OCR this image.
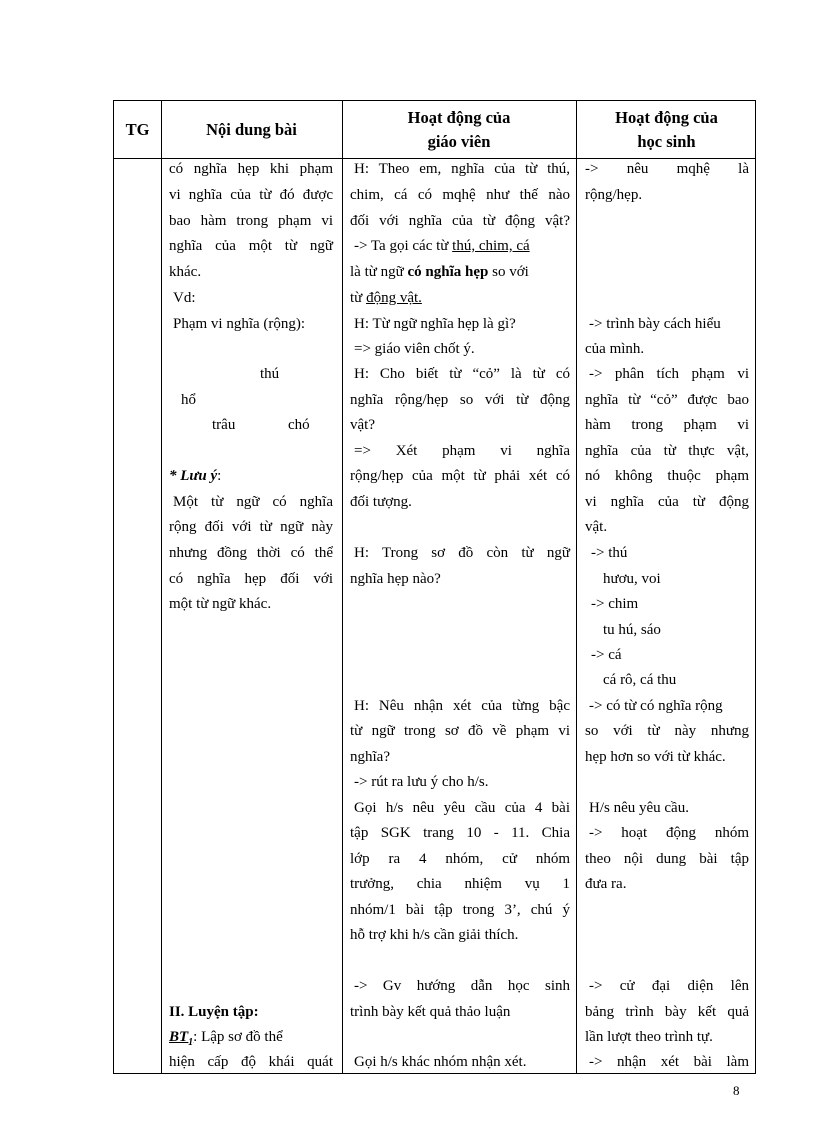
TG	Nội dung bài
Hoạt động của
giáo viên
Hoạt động của
học sinh
có nghĩa hẹp khi phạm
vi nghĩa của từ đó được
bao hàm trong phạm vi
nghĩa của một từ ngữ
khác.
Vd:
Phạm vi nghĩa (rộng):
thú
hổ
trâu	chó
* Lưu ý:
Một từ ngữ có nghĩa
rộng đối với từ ngữ này
nhưng đồng thời có thể
có nghĩa hẹp đối với
một từ ngữ khác.
II. Luyện tập:
$BT_1$: Lập sơ đồ thể
hiện cấp độ khái quát
H: Theo em, nghĩa của từ thú,
chim, cá có mqhệ như thế nào
đối với nghĩa của từ động vật?
-> Ta gọi các từ thú, chim, cá
là từ ngữ có nghĩa hẹp so với
từ động vật.
H: Từ ngữ nghĩa hẹp là gì?
=> giáo viên chốt ý.
H: Cho biết từ “cỏ” là từ có
nghĩa rộng/hẹp so với từ động
vật?
=> Xét phạm vi nghĩa
rộng/hẹp của một từ phải xét có
đối tượng.
H: Trong sơ đồ còn từ ngữ
nghĩa hẹp nào?
H: Nêu nhận xét của từng bậc
từ ngữ trong sơ đồ về phạm vi
nghĩa?
-> rút ra lưu ý cho h/s.
Gọi h/s nêu yêu cầu của 4 bài
tập SGK trang 10 - 11. Chia
lớp ra 4 nhóm, cử nhóm
trưởng, chia nhiệm vụ 1
nhóm/1 bài tập trong 3’, chú ý
hỗ trợ khi h/s cần giải thích.
-> Gv hướng dẫn học sinh
trình bày kết quả thảo luận
Gọi h/s khác nhóm nhận xét.
-> nêu mqhệ là
rộng/hẹp.
-> trình bày cách hiểu
của mình.
-> phân tích phạm vi
nghĩa từ “cỏ” được bao
hàm trong phạm vi
nghĩa của từ thực vật,
nó không thuộc phạm
vi nghĩa của từ động
vật.
-> thú
hươu, voi
-> chim
tu hú, sáo
-> cá
cá rô, cá thu
-> có từ có nghĩa rộng
so với từ này nhưng
hẹp hơn so với từ khác.
H/s nêu yêu cầu.
-> hoạt động nhóm
theo nội dung bài tập
đưa ra.
-> cử đại diện lên
bảng trình bày kết quả
lần lượt theo trình tự.
-> nhận xét bài làm
8
